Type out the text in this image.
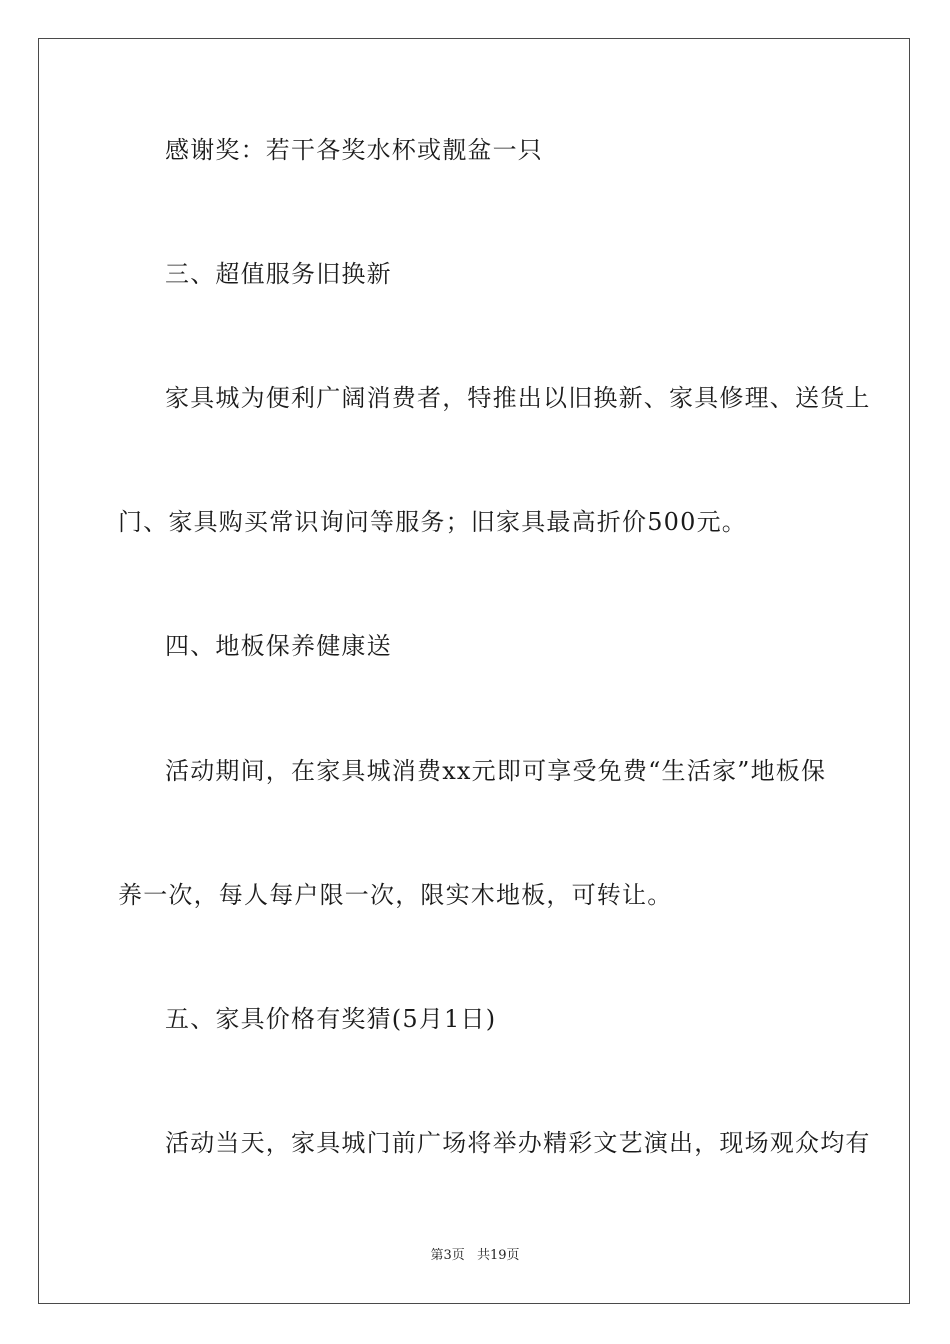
感谢奖：若干各奖水杯或靓盆一只
三、超值服务旧换新
家具城为便利广阔消费者，特推出以旧换新、家具修理、送货上
门、家具购买常识询问等服务；旧家具最高折价500元。
四、地板保养健康送
活动期间，在家具城消费xx元即可享受免费“生活家”地板保
养一次，每人每户限一次，限实木地板，可转让。
五、家具价格有奖猜(5月1日)
活动当天，家具城门前广场将举办精彩文艺演出，现场观众均有
第3页 共19页
